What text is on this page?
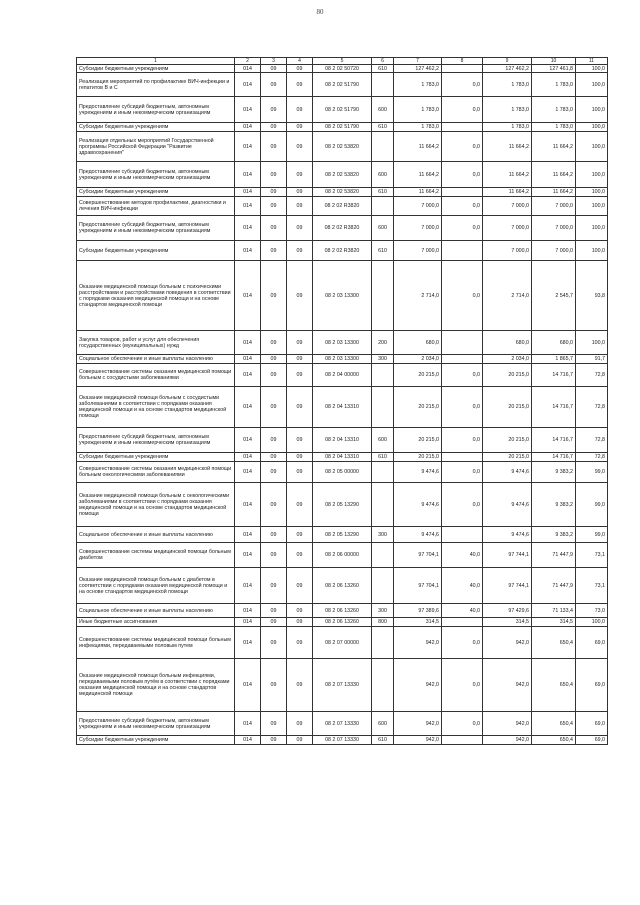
80
1	2	3	4	5	6	7	8	9	10	11
Субсидии бюджетным учреждениям	014	09	09	08 2 02 50720	610	127 462,2		127 462,2	127 461,8	100,0
Реализация мероприятий по профилактике ВИЧ-инфекции и гепатитов В и С	014	09	09	08 2 02 51790		1 783,0	0,0	1 783,0	1 783,0	100,0
Предоставление субсидий бюджетным, автономным учреждениям и иным некоммерческим организациям	014	09	09	08 2 02 51790	600	1 783,0	0,0	1 783,0	1 783,0	100,0
Субсидии бюджетным учреждениям	014	09	09	08 2 02 51790	610	1 783,0		1 783,0	1 783,0	100,0
Реализация отдельных мероприятий Государственной программы Российской Федерации "Развитие здравоохранения"	014	09	09	08 2 02 53820		11 664,2	0,0	11 664,2	11 664,2	100,0
Предоставление субсидий бюджетным, автономным учреждениям и иным некоммерческим организациям	014	09	09	08 2 02 53820	600	11 664,2	0,0	11 664,2	11 664,2	100,0
Субсидии бюджетным учреждениям	014	09	09	08 2 02 53820	610	11 664,2		11 664,2	11 664,2	100,0
Совершенствование методов профилактики, диагностики и лечения ВИЧ-инфекции	014	09	09	08 2 02 R3820		7 000,0	0,0	7 000,0	7 000,0	100,0
Предоставление субсидий бюджетным, автономным учреждениям и иным некоммерческим организациям	014	09	09	08 2 02 R3820	600	7 000,0	0,0	7 000,0	7 000,0	100,0
Субсидии бюджетным учреждениям	014	09	09	08 2 02 R3820	610	7 000,0		7 000,0	7 000,0	100,0
Оказание медицинской помощи больным с психическими расстройствами и расстройствами поведения в соответствии с порядками оказания медицинской помощи и на основе стандартов медицинской помощи	014	09	09	08 2 03 13300		2 714,0	0,0	2 714,0	2 545,7	93,8
Закупка товаров, работ и услуг для обеспечения государственных (муниципальных) нужд	014	09	09	08 2 03 13300	200	680,0		680,0	680,0	100,0
Социальное обеспечение и иные выплаты населению	014	09	09	08 2 03 13300	300	2 034,0		2 034,0	1 865,7	91,7
Совершенствование системы оказания медицинской помощи больным с сосудистыми заболеваниями	014	09	09	08 2 04 00000		20 215,0	0,0	20 215,0	14 716,7	72,8
Оказание медицинской помощи больным с сосудистыми заболеваниями в соответствии с порядками оказания медицинской помощи и на основе стандартов медицинской помощи	014	09	09	08 2 04 13310		20 215,0	0,0	20 215,0	14 716,7	72,8
Предоставление субсидий бюджетным, автономным учреждениям и иным некоммерческим организациям	014	09	09	08 2 04 13310	600	20 215,0	0,0	20 215,0	14 716,7	72,8
Субсидии бюджетным учреждениям	014	09	09	08 2 04 13310	610	20 215,0		20 215,0	14 716,7	72,8
Совершенствование системы оказания медицинской помощи больным онкологическими заболеваниями	014	09	09	08 2 05 00000		9 474,6	0,0	9 474,6	9 383,2	99,0
Оказание медицинской помощи больным с онкологическими заболеваниями в соответствии с порядками оказания медицинской помощи и на основе стандартов медицинской помощи	014	09	09	08 2 05 13290		9 474,6	0,0	9 474,6	9 383,2	99,0
Социальное обеспечение и иные выплаты населению	014	09	09	08 2 05 13290	300	9 474,6		9 474,6	9 383,2	99,0
Совершенствование системы медицинской помощи больным диабетом	014	09	09	08 2 06 00000		97 704,1	40,0	97 744,1	71 447,9	73,1
Оказание медицинской помощи больным с диабетом в соответствии с порядками оказания медицинской помощи и на основе стандартов медицинской помощи	014	09	09	08 2 06 13260		97 704,1	40,0	97 744,1	71 447,9	73,1
Социальное обеспечение и иные выплаты населению	014	09	09	08 2 06 13260	300	97 389,6	40,0	97 429,6	71 133,4	73,0
Иные бюджетные ассигнования	014	09	09	08 2 06 13260	800	314,5		314,5	314,5	100,0
Совершенствование системы медицинской помощи больным инфекциями, передаваемыми половым путем	014	09	09	08 2 07 00000		942,0	0,0	942,0	650,4	69,0
Оказание медицинской помощи больным инфекциями, передаваемыми половым путём в соответствии с порядками оказания медицинской помощи и на основе стандартов медицинской помощи	014	09	09	08 2 07 13330		942,0	0,0	942,0	650,4	69,0
Предоставление субсидий бюджетным, автономным учреждениям и иным некоммерческим организациям	014	09	09	08 2 07 13330	600	942,0	0,0	942,0	650,4	69,0
Субсидии бюджетным учреждениям	014	09	09	08 2 07 13330	610	942,0		942,0	650,4	69,0
